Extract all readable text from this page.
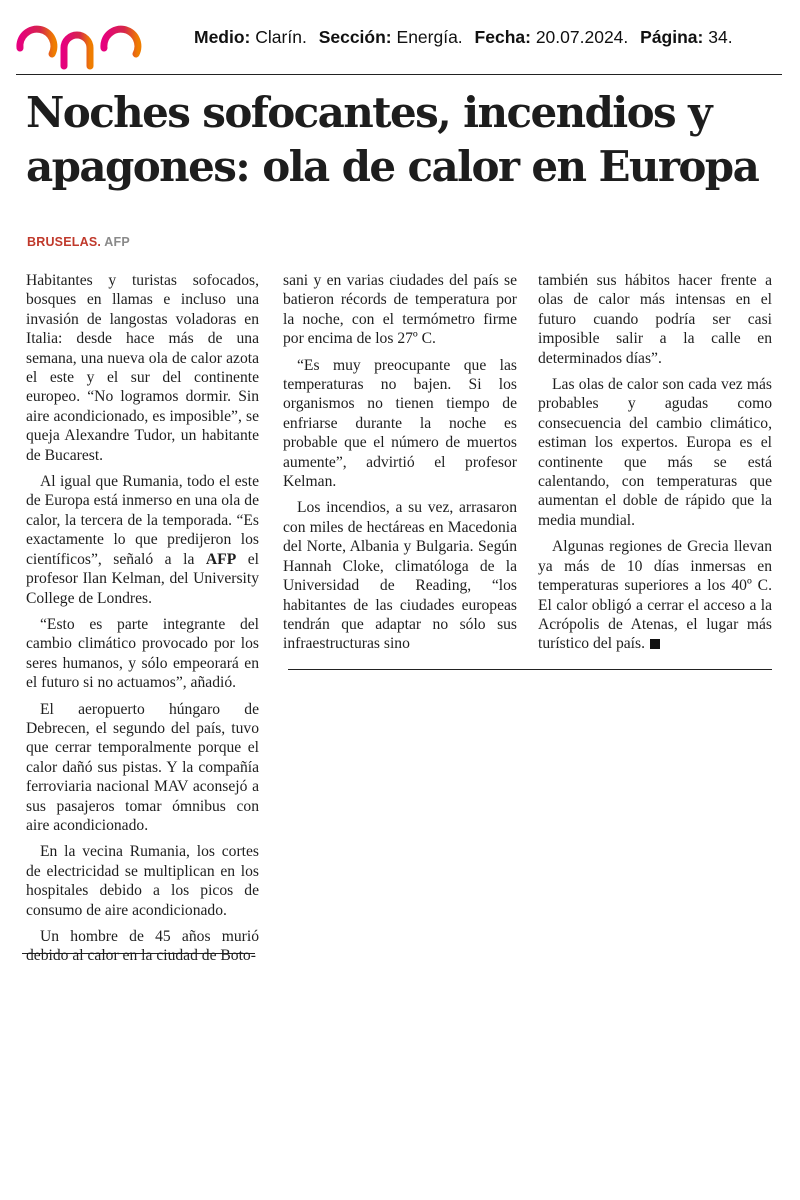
Medio: Clarín. Sección: Energía. Fecha: 20.07.2024. Página: 34.
Noches sofocantes, incendios y
apagones: ola de calor en Europa
BRUSELAS. AFP

Habitantes y turistas sofocados, bosques en llamas e incluso una invasión de langostas voladoras en Italia: desde hace más de una semana, una nueva ola de calor azota el este y el sur del continente europeo. “No logramos dormir. Sin aire acondicionado, es imposible”, se queja Alexandre Tudor, un habitante de Bucarest.

Al igual que Rumania, todo el este de Europa está inmerso en una ola de calor, la tercera de la temporada. “Es exactamente lo que predijeron los científicos”, señaló a la AFP el profesor Ilan Kelman, del University College de Londres.

“Esto es parte integrante del cambio climático provocado por los seres humanos, y sólo empeorará en el futuro si no actuamos”, añadió.

El aeropuerto húngaro de Debrecen, el segundo del país, tuvo que cerrar temporalmente porque el calor dañó sus pistas. Y la compañía ferroviaria nacional MAV aconsejó a sus pasajeros tomar ómnibus con aire acondicionado.

En la vecina Rumania, los cortes de electricidad se multiplican en los hospitales debido a los picos de consumo de aire acondicionado.

Un hombre de 45 años murió debido al calor en la ciudad de Boto-

sani y en varias ciudades del país se batieron récords de temperatura por la noche, con el termómetro firme por encima de los 27º C.

“Es muy preocupante que las temperaturas no bajen. Si los organismos no tienen tiempo de enfriarse durante la noche es probable que el número de muertos aumente”, advirtió el profesor Kelman.

Los incendios, a su vez, arrasaron con miles de hectáreas en Macedonia del Norte, Albania y Bulgaria. Según Hannah Cloke, climatóloga de la Universidad de Reading, “los habitantes de las ciudades europeas tendrán que adaptar no sólo sus infraestructuras sino

también sus hábitos hacer frente a olas de calor más intensas en el futuro cuando podría ser casi imposible salir a la calle en determinados días”.

Las olas de calor son cada vez más probables y agudas como consecuencia del cambio climático, estiman los expertos. Europa es el continente que más se está calentando, con temperaturas que aumentan el doble de rápido que la media mundial.

Algunas regiones de Grecia llevan ya más de 10 días inmersas en temperaturas superiores a los 40º C. El calor obligó a cerrar el acceso a la Acrópolis de Atenas, el lugar más turístico del país.
